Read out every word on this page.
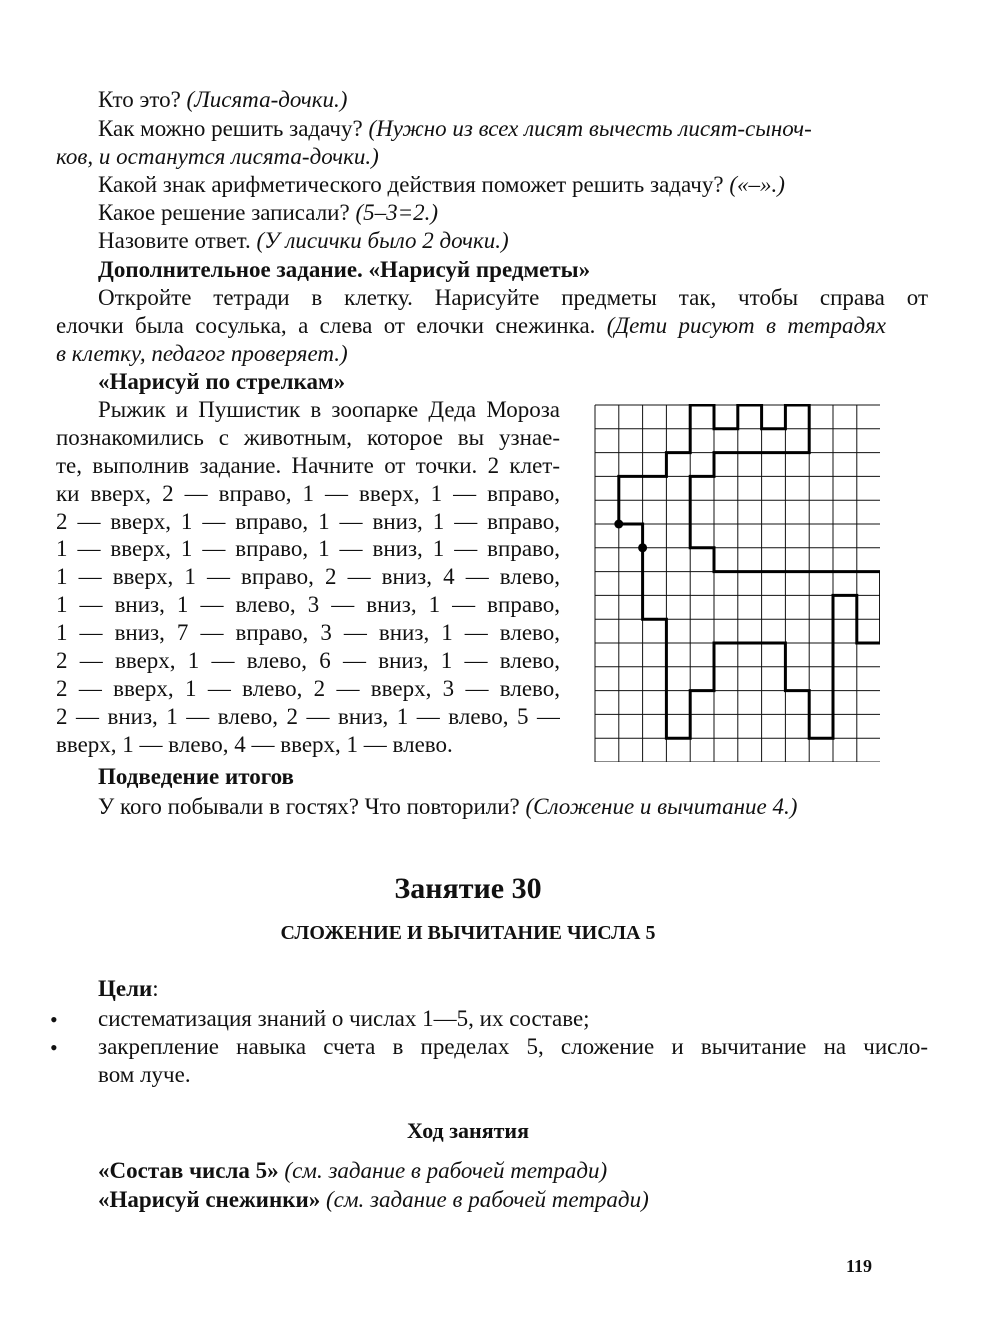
Кто это? (Лисята-дочки.)
Как можно решить задачу? (Нужно из всех лисят вычесть лисят-сыноч-
ков, и останутся лисята-дочки.)
Какой знак арифметического действия поможет решить задачу? («–».)
Какое решение записали? (5–3=2.)
Назовите ответ. (У лисички было 2 дочки.)
Дополнительное задание. «Нарисуй предметы»
Откройте тетради в клетку. Нарисуйте предметы так, чтобы справа от
елочки была сосулька, а слева от елочки снежинка. (Дети рисуют в тетрадях
в клетку, педагог проверяет.)
«Нарисуй по стрелкам»
Рыжик и Пушистик в зоопарке Деда Мороза
познакомились с животным, которое вы узнае-
те, выполнив задание. Начните от точки. 2 клет-
ки вверх, 2 — вправо, 1 — вверх, 1 — вправо,
2 — вверх, 1 — вправо, 1 — вниз, 1 — вправо,
1 — вверх, 1 — вправо, 1 — вниз, 1 — вправо,
1 — вверх, 1 — вправо, 2 — вниз, 4 — влево,
1 — вниз, 1 — влево, 3 — вниз, 1 — вправо,
1 — вниз, 7 — вправо, 3 — вниз, 1 — влево,
2 — вверх, 1 — влево, 6 — вниз, 1 — влево,
2 — вверх, 1 — влево, 2 — вверх, 3 — влево,
2 — вниз, 1 — влево, 2 — вниз, 1 — влево, 5 —
вверх, 1 — влево, 4 — вверх, 1 — влево.
Подведение итогов
У кого побывали в гостях? Что повторили? (Сложение и вычитание 4.)
Занятие 30
СЛОЖЕНИЕ И ВЫЧИТАНИЕ ЧИСЛА 5
Цели:
•	систематизация знаний о числах 1—5, их составе;
•	закрепление навыка счета в пределах 5, сложение и вычитание на число-
вом луче.
Ход занятия
«Состав числа 5» (см. задание в рабочей тетради)
«Нарисуй снежинки» (см. задание в рабочей тетради)
119
